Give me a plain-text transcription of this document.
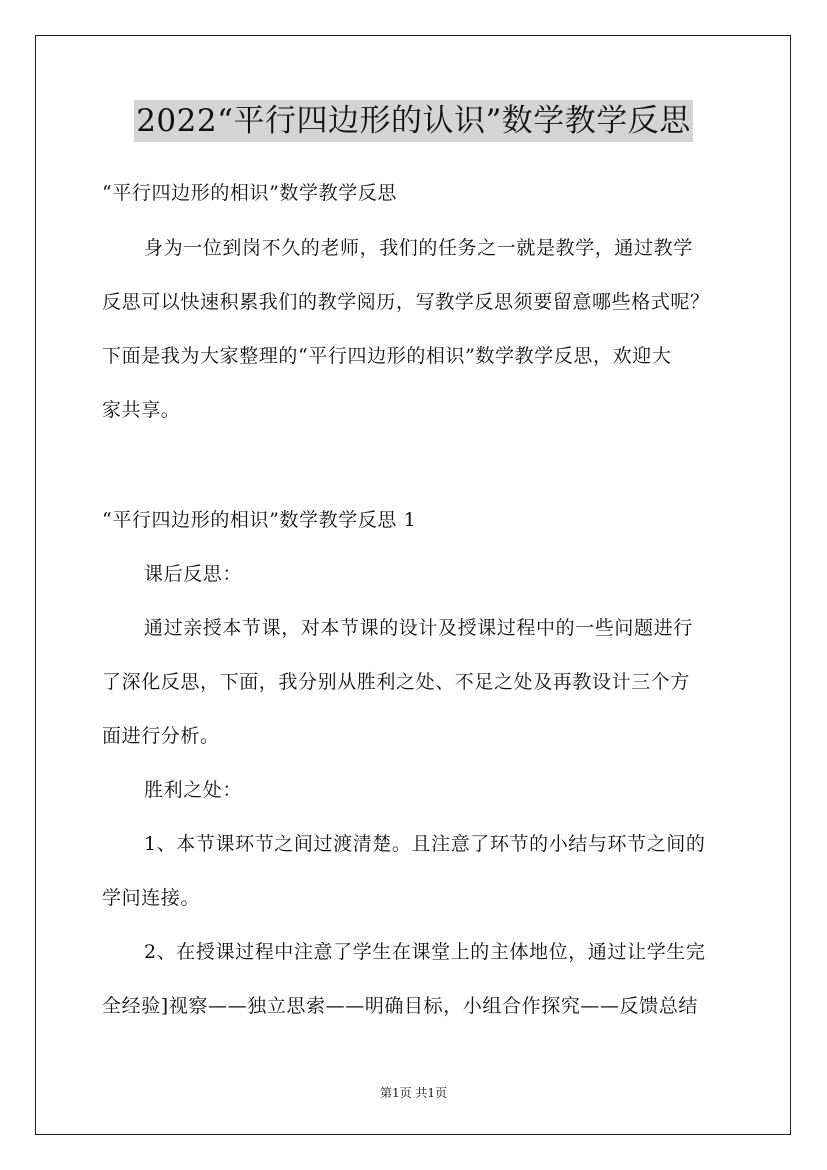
2022“平行四边形的认识”数学教学反思
“平行四边形的相识”数学教学反思
身为一位到岗不久的老师，我们的任务之一就是教学，通过教学
反思可以快速积累我们的教学阅历，写教学反思须要留意哪些格式呢？
下面是我为大家整理的“平行四边形的相识”数学教学反思，欢迎大
家共享。
“平行四边形的相识”数学教学反思 1
课后反思：
通过亲授本节课，对本节课的设计及授课过程中的一些问题进行
了深化反思，下面，我分别从胜利之处、不足之处及再教设计三个方
面进行分析。
胜利之处：
1、本节课环节之间过渡清楚。且注意了环节的小结与环节之间的
学问连接。
2、在授课过程中注意了学生在课堂上的主体地位，通过让学生完
全经验]视察——独立思索——明确目标，小组合作探究——反馈总结
第1页 共1页
